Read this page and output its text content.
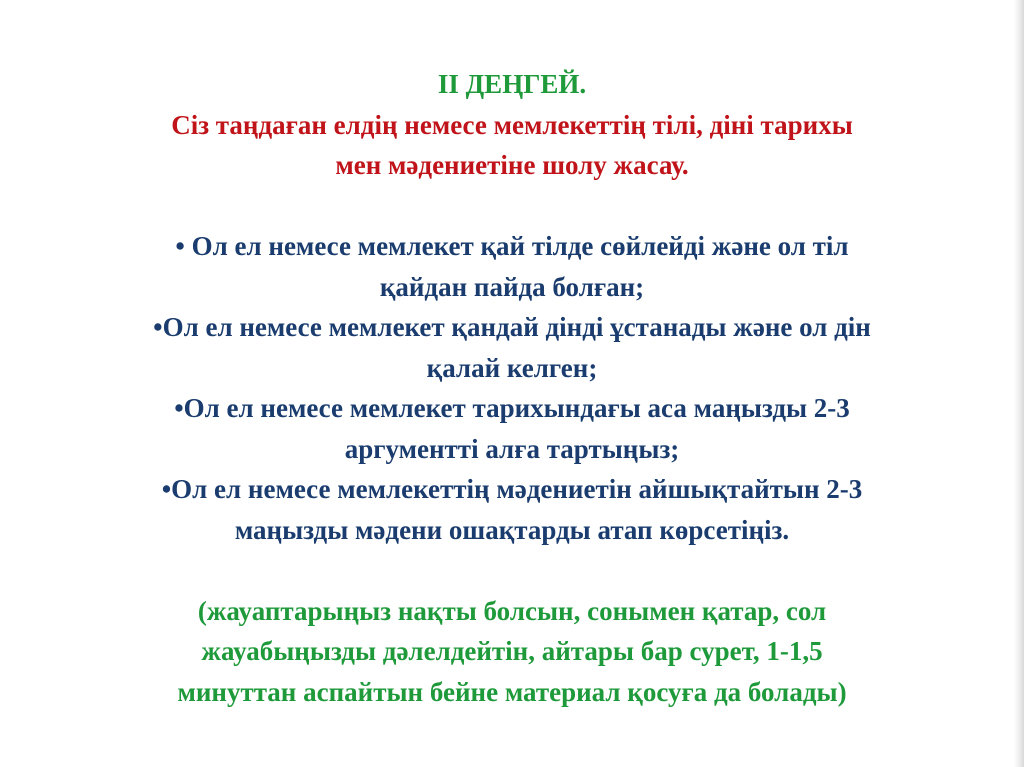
ІІ ДЕҢГЕЙ.
Сіз таңдаған елдің немесе мемлекеттің тілі, діні тарихы
мен мәдениетіне шолу жасау.
• Ол ел немесе мемлекет қай тілде сөйлейді және ол тіл
қайдан пайда болған;
•Ол ел немесе мемлекет қандай дінді ұстанады және ол дін
қалай келген;
•Ол ел немесе мемлекет тарихындағы аса маңызды 2-3
аргументті алға тартыңыз;
•Ол ел немесе мемлекеттің мәдениетін айшықтайтын 2-3
маңызды мәдени ошақтарды атап көрсетіңіз.
(жауаптарыңыз нақты болсын, сонымен қатар, сол
жауабыңызды дәлелдейтін, айтары бар сурет, 1-1,5
минуттан аспайтын бейне материал қосуға да болады)
